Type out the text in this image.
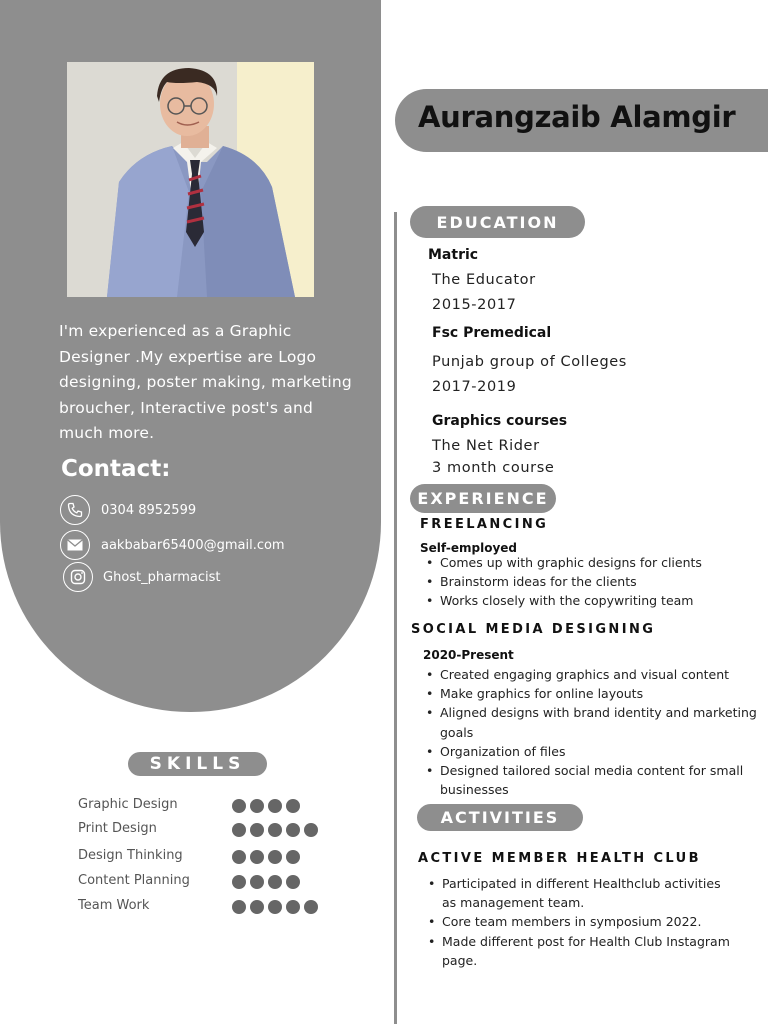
I'm experienced as a Graphic Designer .My expertise are Logo designing, poster making, marketing broucher, Interactive post's and much more.
Contact:
0304 8952599
aakbabar65400@gmail.com
Ghost_pharmacist
SKILLS
Graphic Design
Print Design
Design Thinking
Content Planning
Team Work
Aurangzaib Alamgir
EDUCATION
Matric
The Educator
2015-2017
Fsc Premedical
Punjab group of Colleges
2017-2019
Graphics courses
The Net Rider
3 month course
EXPERIENCE
FREELANCING
Self-employed
• Comes up with graphic designs for clients
• Brainstorm ideas for the clients
• Works closely with the copywriting team
SOCIAL MEDIA DESIGNING
2020-Present
• Created engaging graphics and visual content
• Make graphics for online layouts
• Aligned designs with brand identity and marketing goals
• Organization of files
• Designed tailored social media content for small businesses
ACTIVITIES
ACTIVE MEMBER HEALTH CLUB
• Participated in different Healthclub activities as management team.
• Core team members in symposium 2022.
• Made different post for Health Club Instagram page.
